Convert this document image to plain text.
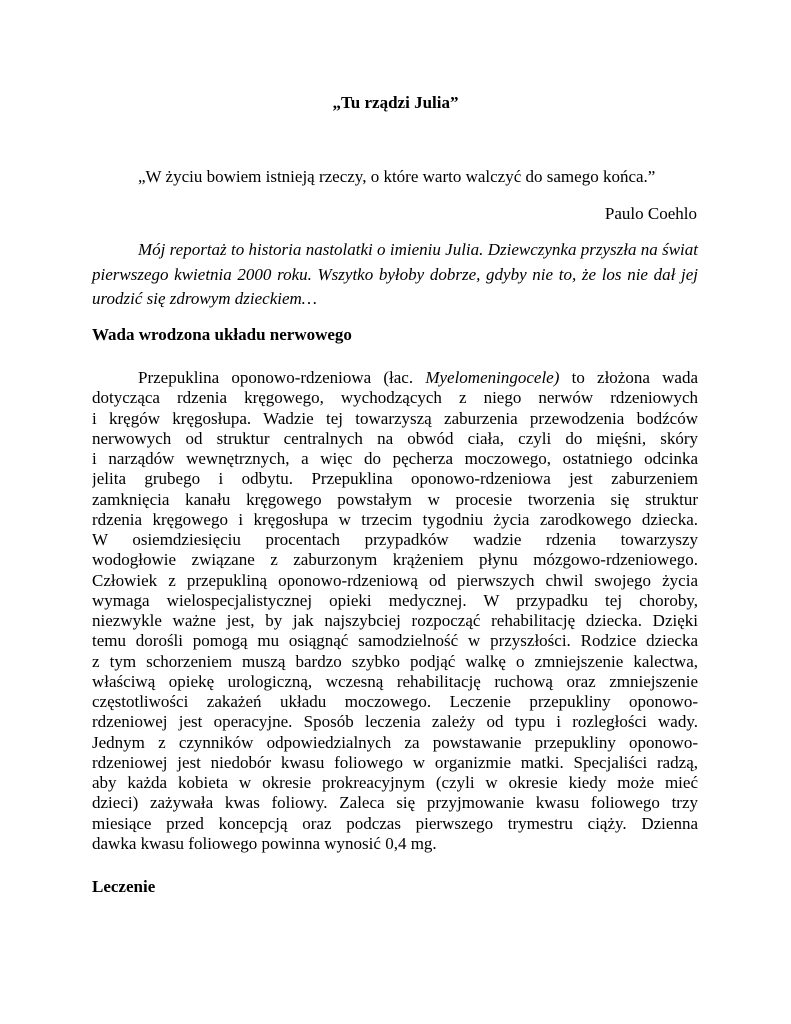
„Tu rządzi Julia”
„W życiu bowiem istnieją rzeczy, o które warto walczyć do samego końca.”
Paulo Coehlo
Mój reportaż to historia nastolatki o imieniu Julia. Dziewczynka przyszła na świat pierwszego kwietnia 2000 roku. Wszytko byłoby dobrze, gdyby nie to, że los nie dał jej urodzić się zdrowym dzieckiem…
Wada wrodzona układu nerwowego
Przepuklina oponowo-rdzeniowa (łac. Myelomeningocele) to złożona wada
dotycząca rdzenia kręgowego, wychodzących z niego nerwów rdzeniowych
i kręgów kręgosłupa. Wadzie tej towarzyszą zaburzenia przewodzenia bodźców
nerwowych od struktur centralnych na obwód ciała, czyli do mięśni, skóry
i narządów wewnętrznych, a więc do pęcherza moczowego, ostatniego odcinka
jelita grubego i odbytu. Przepuklina oponowo-rdzeniowa jest zaburzeniem
zamknięcia kanału kręgowego powstałym w procesie tworzenia się struktur
rdzenia kręgowego i kręgosłupa w trzecim tygodniu życia zarodkowego dziecka.
W osiemdziesięciu procentach przypadków wadzie rdzenia towarzyszy
wodogłowie związane z zaburzonym krążeniem płynu mózgowo-rdzeniowego.
Człowiek z przepukliną oponowo-rdzeniową od pierwszych chwil swojego życia
wymaga wielospecjalistycznej opieki medycznej. W przypadku tej choroby,
niezwykle ważne jest, by jak najszybciej rozpocząć rehabilitację dziecka. Dzięki
temu dorośli pomogą mu osiągnąć samodzielność w przyszłości. Rodzice dziecka
z tym schorzeniem muszą bardzo szybko podjąć walkę o zmniejszenie kalectwa,
właściwą opiekę urologiczną, wczesną rehabilitację ruchową oraz zmniejszenie
częstotliwości zakażeń układu moczowego. Leczenie przepukliny oponowo-
rdzeniowej jest operacyjne. Sposób leczenia zależy od typu i rozległości wady.
Jednym z czynników odpowiedzialnych za powstawanie przepukliny oponowo-
rdzeniowej jest niedobór kwasu foliowego w organizmie matki. Specjaliści radzą,
aby każda kobieta w okresie prokreacyjnym (czyli w okresie kiedy może mieć
dzieci) zażywała kwas foliowy. Zaleca się przyjmowanie kwasu foliowego trzy
miesiące przed koncepcją oraz podczas pierwszego trymestru ciąży. Dzienna
dawka kwasu foliowego powinna wynosić 0,4 mg.
Leczenie
